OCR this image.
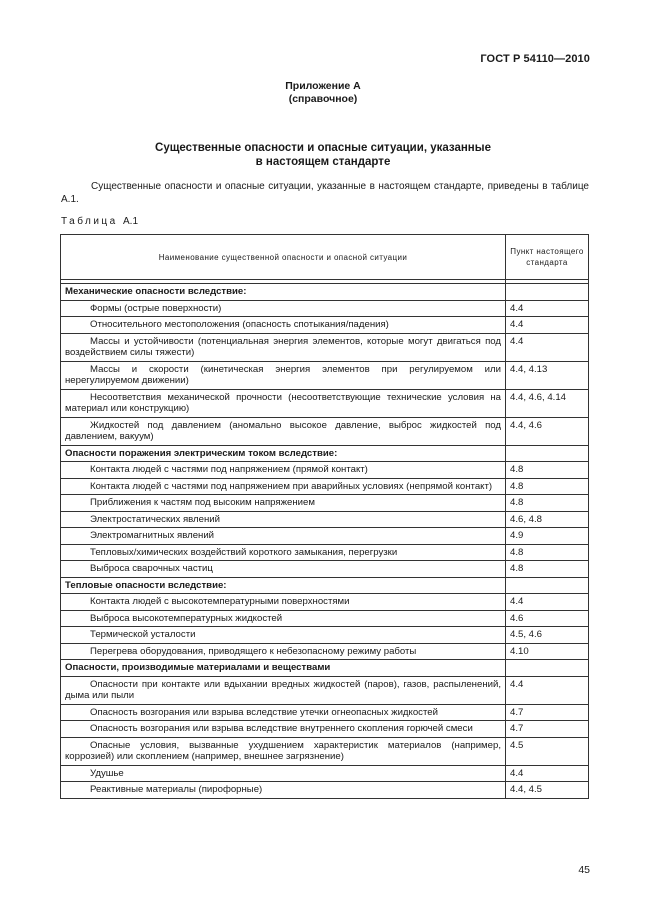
ГОСТ Р 54110—2010
Приложение А
(справочное)
Существенные опасности и опасные ситуации, указанные
в настоящем стандарте
Существенные опасности и опасные ситуации, указанные в настоящем стандарте, приведены в таблице А.1.
Таблица А.1
Наименование существенной опасности и опасной ситуации	Пункт настоящего стандарта

Механические опасности вследствие:	
Формы (острые поверхности)	4.4
Относительного местоположения (опасность спотыкания/падения)	4.4
Массы и устойчивости (потенциальная энергия элементов, которые могут двигаться под воздействием силы тяжести)	4.4
Массы и скорости (кинетическая энергия элементов при регулируемом или нерегулируемом движении)	4.4, 4.13
Несоответствия механической прочности (несоответствующие технические условия на материал или конструкцию)	4.4, 4.6, 4.14
Жидкостей под давлением (аномально высокое давление, выброс жидкостей под давлением, вакуум)	4.4, 4.6
Опасности поражения электрическим током вследствие:	
Контакта людей с частями под напряжением (прямой контакт)	4.8
Контакта людей с частями под напряжением при аварийных условиях (непрямой контакт)	4.8
Приближения к частям под высоким напряжением	4.8
Электростатических явлений	4.6, 4.8
Электромагнитных явлений	4.9
Тепловых/химических воздействий короткого замыкания, перегрузки	4.8
Выброса сварочных частиц	4.8
Тепловые опасности вследствие:	
Контакта людей с высокотемпературными поверхностями	4.4
Выброса высокотемпературных жидкостей	4.6
Термической усталости	4.5, 4.6
Перегрева оборудования, приводящего к небезопасному режиму работы	4.10
Опасности, производимые материалами и веществами	
Опасности при контакте или вдыхании вредных жидкостей (паров), газов, распыленений, дыма или пыли	4.4
Опасность возгорания или взрыва вследствие утечки огнеопасных жидкостей	4.7
Опасность возгорания или взрыва вследствие внутреннего скопления горючей смеси	4.7
Опасные условия, вызванные ухудшением характеристик материалов (например, коррозией) или скоплением (например, внешнее загрязнение)	4.5
Удушье	4.4
Реактивные материалы (пирофорные)	4.4, 4.5
45
